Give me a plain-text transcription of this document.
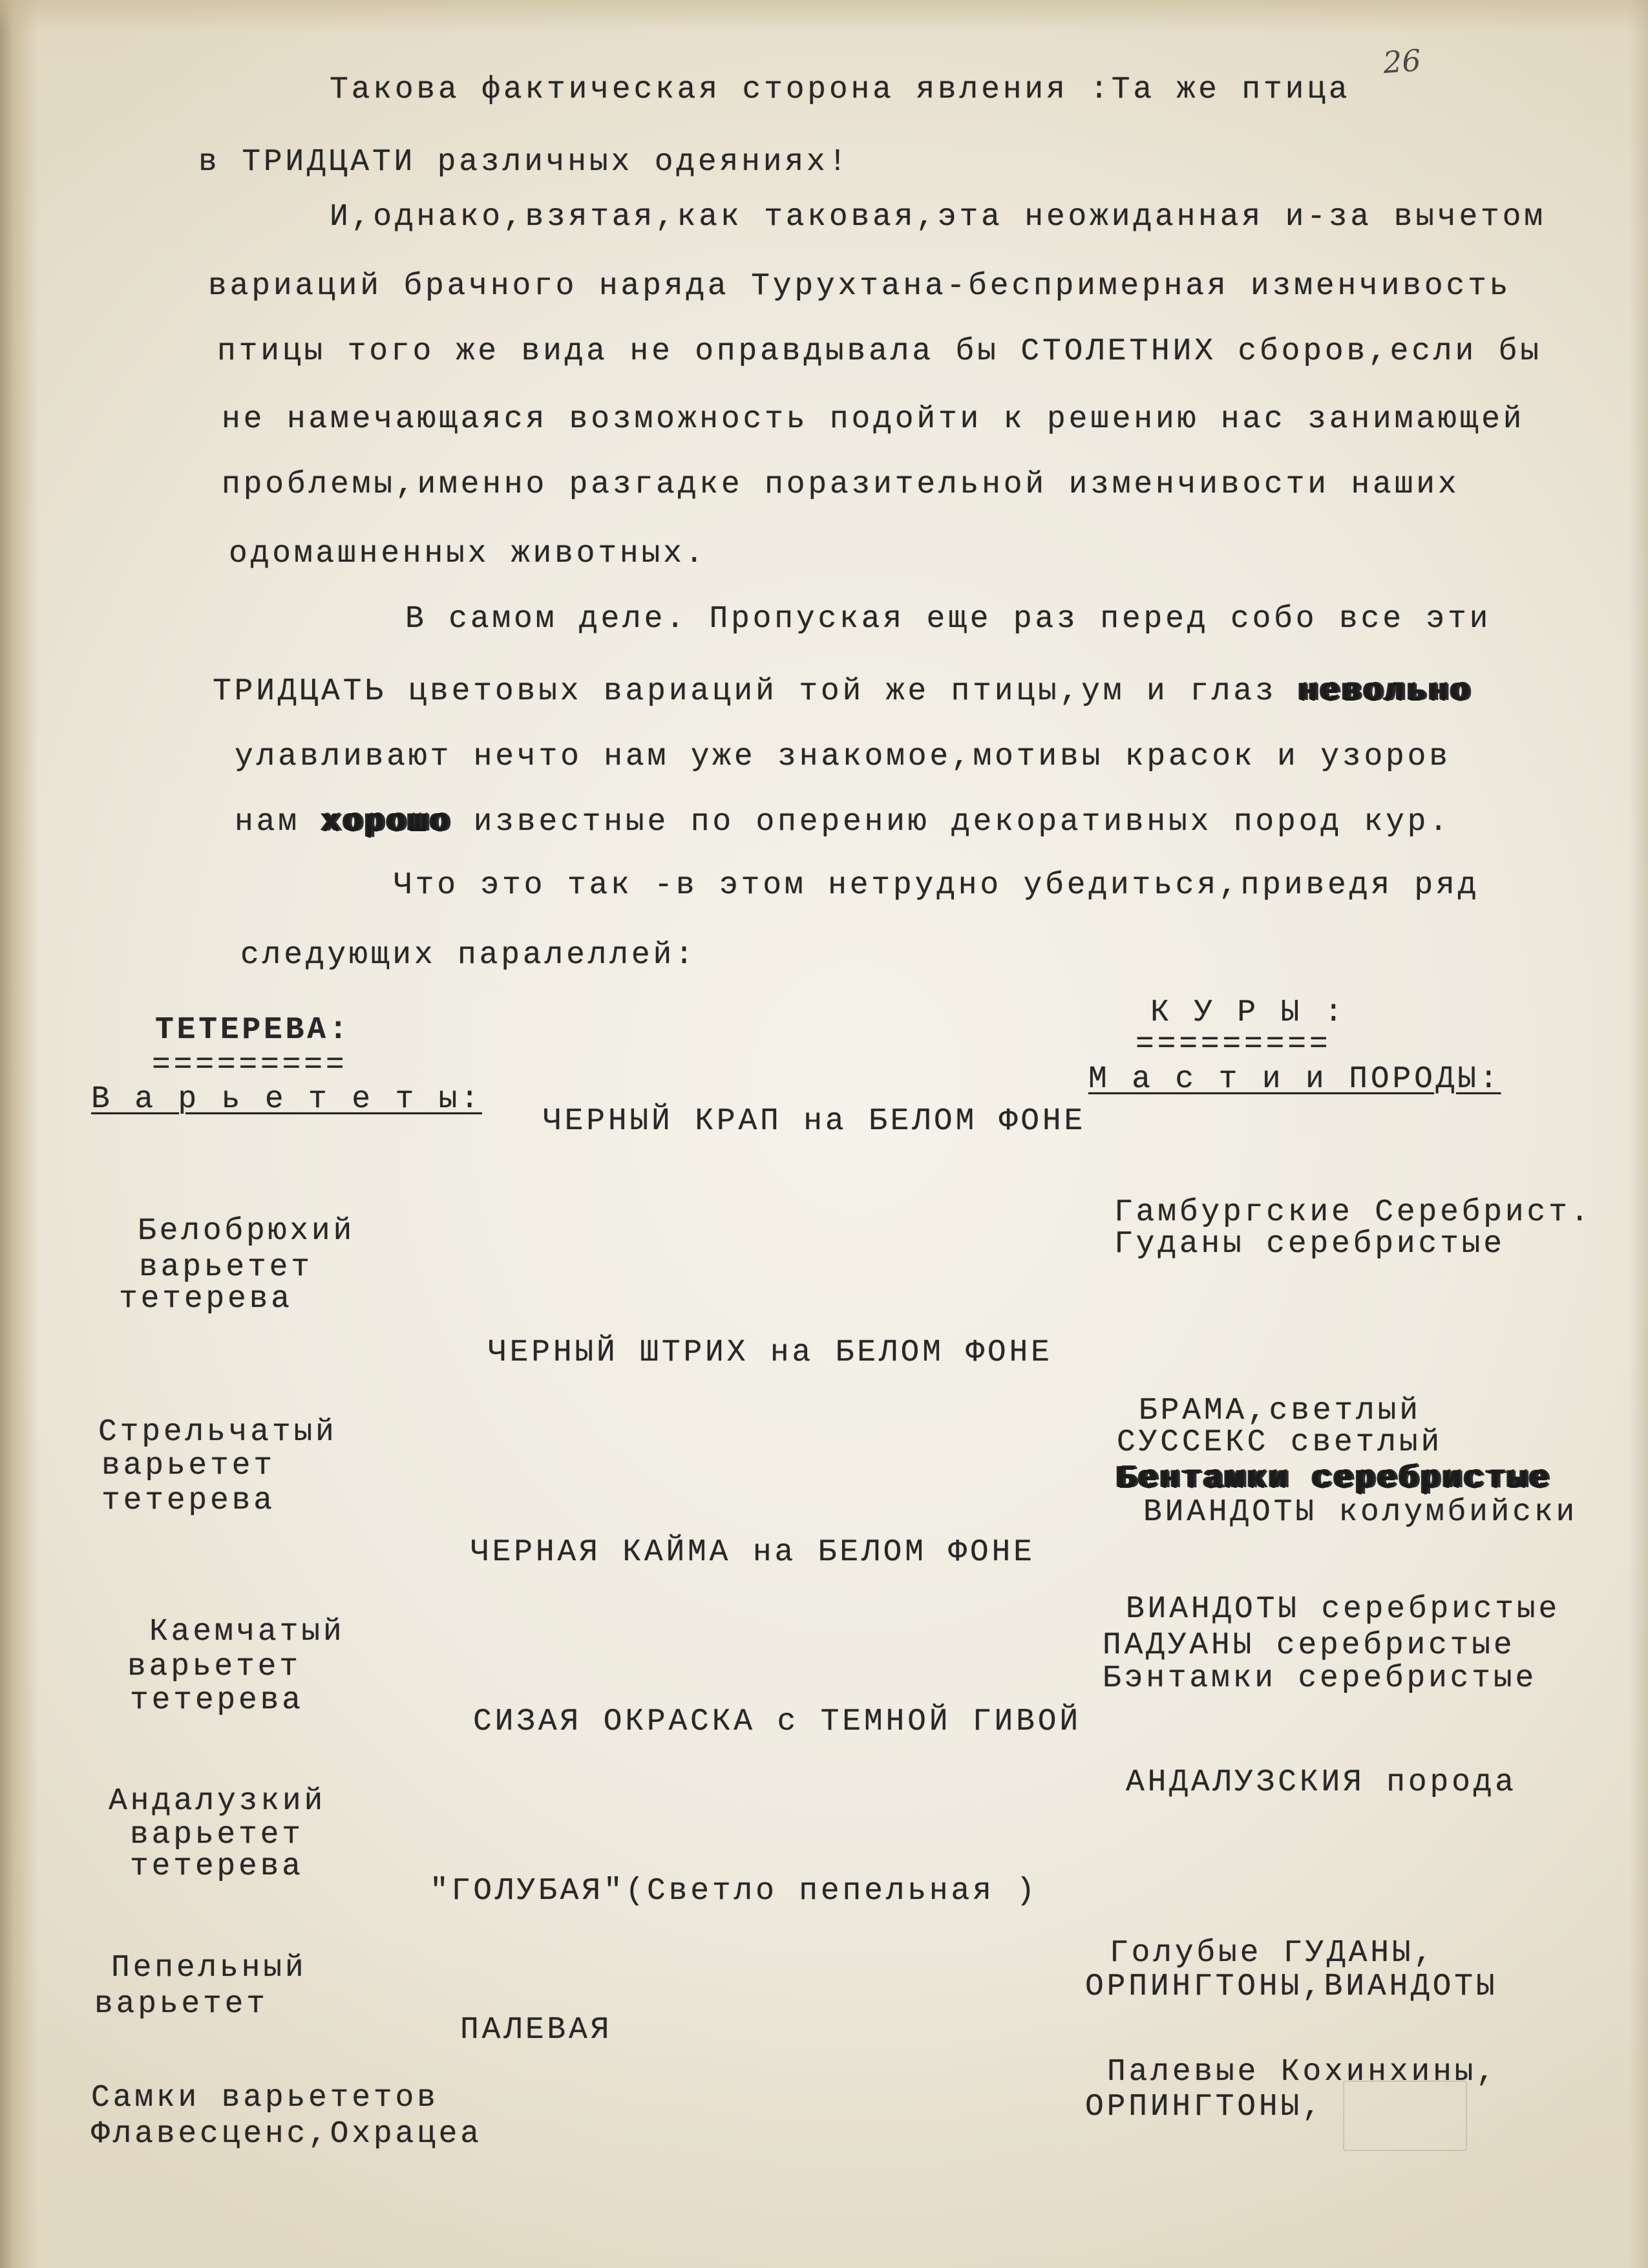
26
Такова фактическая сторона явления :Та же птица
в ТРИДЦАТИ различных одеяниях!
И,однако,взятая,как таковая,эта неожиданная и-за вычетом
вариаций брачного наряда Турухтана-беспримерная изменчивость
птицы того же вида не оправдывала бы СТОЛЕТНИХ сборов,если бы
не намечающаяся возможность подойти к решению нас занимающей
проблемы,именно разгадке поразительной изменчивости наших
одомашненных животных.
В самом деле. Пропуская еще раз перед собо все эти
ТРИДЦАТЬ цветовых вариаций той же птицы,ум и глаз невольно
улавливают нечто нам уже знакомое,мотивы красок и узоров
нам хорошо известные по оперению декоративных пород кур.
Что это так -в этом нетрудно убедиться,приведя ряд
следующих паралеллей:
ТЕТЕРЕВА:
=========
В а р ь е т е т ы:
К У Р Ы :
=========
М а с т и и ПОРОДЫ:
ЧЕРНЫЙ КРАП на БЕЛОМ ФОНЕ
Белобрюхий
варьетет
тетерева
Гамбургские Серебрист.
Гуданы серебристые
ЧЕРНЫЙ ШТРИХ на БЕЛОМ ФОНЕ
Стрельчатый
варьетет
тетерева
БРАМА,светлый
СУССЕКС светлый
Бентамки серебристые
ВИАНДОТЫ колумбийски
ЧЕРНАЯ КАЙМА на БЕЛОМ ФОНЕ
Каемчатый
варьетет
тетерева
ВИАНДОТЫ серебристые
ПАДУАНЫ серебристые
Бэнтамки серебристые
СИЗАЯ ОКРАСКА с ТЕМНОЙ ГИВОЙ
Андалузкий
варьетет
тетерева
АНДАЛУЗСКИЯ порода
"ГОЛУБАЯ"(Светло пепельная )
Пепельный
варьетет
Голубые ГУДАНЫ,
ОРПИНГТОНЫ,ВИАНДОТЫ
ПАЛЕВАЯ
Самки варьететов
Флавесценс,Охрацеа
Палевые Кохинхины,
ОРПИНГТОНЫ,
